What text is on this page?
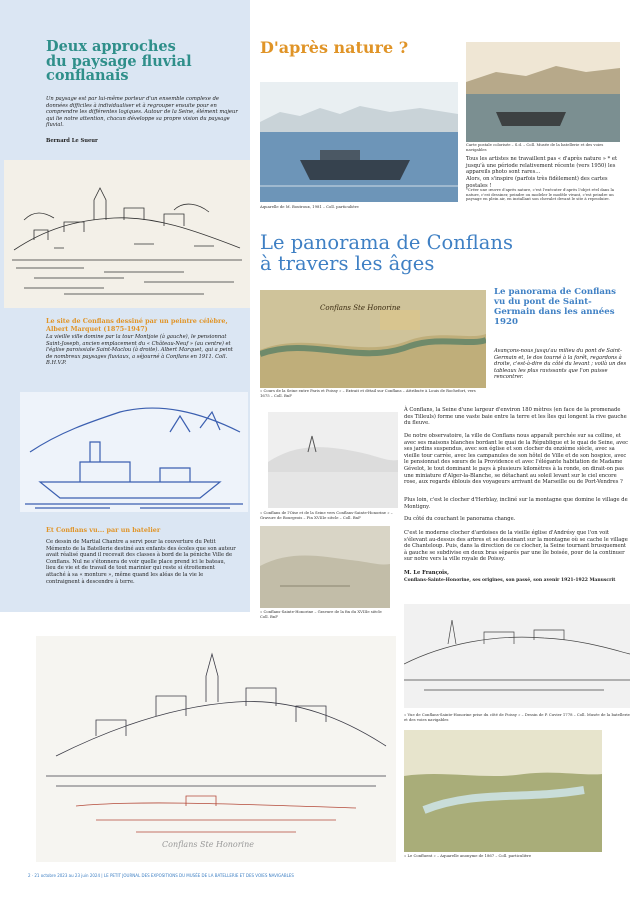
Deux approches
du paysage fluvial
conflanais
Un paysage est par lui-même porteur d'un ensemble complexe de données difficiles à individualiser et à regrouper ensuite pour en comprendre les différentes logiques. Autour de la Seine, élément majeur qui lie notre attention, chacun développe sa propre vision du paysage fluvial.
Bernard Le Sueur
Le site de Conflans dessiné par un peintre célèbre, Albert Marquet (1875-1947)
La vieille ville domine par la tour Montjoie (à gauche), le pensionnat Saint-Joseph, ancien emplacement du « Château-Neuf » (au centre) et l'église paroissiale Saint-Maclou (à droite). Albert Marquet, qui a peint de nombreux paysages fluviaux, a séjourné à Conflans en 1911. Coll. B.H.V.P.
Et Conflans vu... par un batelier
Ce dessin de Martial Chantre a servi pour la couverture du Petit Mémento de la Batellerie destiné aux enfants des écoles que son auteur avait réalisé quand il recevait des classes à bord de la péniche Ville de Conflans. Nul ne s'étonnera de voir quelle place prend ici le bateau, lieu de vie et de travail de tout marinier qui reste si étroitement attaché à sa « monture », même quand les aléas de la vie le contraignent à descendre à terre.
D'après nature ?
Aquarelle de M. Boutroux, 1981 – Coll. particulière
Carte postale colorisée – S.d. – Coll. Musée de la batellerie et des voies navigables
Tous les artistes ne travaillent pas « d'après nature » * et jusqu'à une période relativement récente (vers 1950) les appareils photo sont rares...
Alors, on s'inspire (parfois très fidèlement) des cartes postales !
*Créer une œuvre d'après nature, c'est l'exécuter d'après l'objet réel dans la nature, c'est dessiner, peindre ou modeler le modèle vivant, c'est peindre un paysage en plein air, en installant son chevalet devant le site à reproduire.
Le panorama de Conflans
à travers les âges
Conflans Ste Honorine
« Cours de la Seine entre Paris et Poissy » – Extrait et détail sur Conflans – Attribuée à Louis de Rochefort, vers 1675 – Coll. BnF
Le panorama de Conflans vu du pont de Saint-Germain dans les années 1920
Avançons-nous jusqu'au milieu du pont de Saint-Germain et, le dos tourné à la forêt, regardons à droite, c'est-à-dire du côté du levant ; voilà un des tableaux les plus ravissants que l'on puisse rencontrer.
« Conflans de l'Oise et de la Seine vers Conflans-Sainte-Honorine » – Gravure de Bourgeois – Fin XVIIIe siècle – Coll. BnF
« Conflans-Sainte-Honorine – Gravure de la fin du XVIIIe siècle Coll. BnF
À Conflans, la Seine d'une largeur d'environ 180 mètres (en face de la promenade des Tilleuls) forme une vaste baie entre la terre et les îles qui longent la rive gauche du fleuve.
De notre observatoire, la ville de Conflans nous apparaît perchée sur sa colline, et avec ses maisons blanches bordant le quai de la République et le quai de Seine, avec ses jardins suspendus, avec son église et son clocher du onzième siècle, avec sa vieille tour carrée, avec les campanules de son hôtel de Ville et de son hospice, avec le pensionnat des sœurs de la Providence et avec l'élégante habitation de Madame Gévelot, le tout dominant le pays à plusieurs kilomètres à la ronde, on dirait-on pas une miniature d'Alger-la-Blanche, se détachant au soleil levant sur le ciel encore rose, aux regards éblouis des voyageurs arrivant de Marseille ou de Port-Vendres ?
Plus loin, c'est le clocher d'Herblay, incliné sur la montagne que domine le village de Montigny.
Du côté du couchant le panorama change.
C'est le moderne clocher d'ardoises de la vieille église d'Andrésy que l'on voit s'élevant au-dessus des arbres et se dessinant sur la montagne où se cache le village de Chanteloup. Puis, dans la direction de ce clocher, la Seine tournant brusquement à gauche se subdivise en deux bras séparés par une île boisée, pour de la continuer sur notre vers la ville royale de Poissy.
M. Le François,
Conflans-Sainte-Honorine, ses origines, son passé, son avenir 1921-1922 Manuscrit
Conflans Ste Honorine
« Vue de Conflans-Sainte-Honorine prise du côté de Poissy » – Dessin de P. Cuvier 1778 – Coll. Musée de la batellerie et des voies navigables
« Le Confluent » – Aquarelle anonyme de 1867 – Coll. particulière
2 · 21 octobre 2023 au 23 juin 2024 | LE PETIT JOURNAL DES EXPOSITIONS DU MUSÉE DE LA BATELLERIE ET DES VOIES NAVIGABLES
